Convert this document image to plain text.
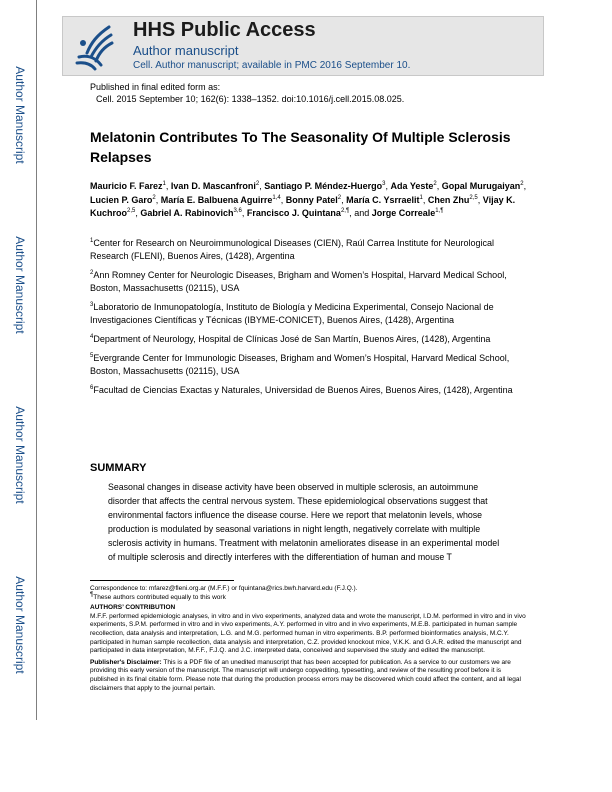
Author Manuscript
Author Manuscript
Author Manuscript
Author Manuscript
HHS Public Access
Author manuscript
Cell. Author manuscript; available in PMC 2016 September 10.
Published in final edited form as:
Cell. 2015 September 10; 162(6): 1338–1352. doi:10.1016/j.cell.2015.08.025.
Melatonin Contributes To The Seasonality Of Multiple Sclerosis Relapses
Mauricio F. Farez$^1$, Ivan D. Mascanfroni$^2$, Santiago P. Méndez-Huergo$^3$, Ada Yeste$^2$, Gopal Murugaiyan$^2$, Lucien P. Garo$^2$, María E. Balbuena Aguirre$^{1,4}$, Bonny Patel$^2$, María C. Ysrraelit$^1$, Chen Zhu$^{2,5}$, Vijay K. Kuchroo$^{2,5}$, Gabriel A. Rabinovich$^{3,6}$, Francisco J. Quintana$^{2,\P}$, and Jorge Correale$^{1,\P}$
$^1$Center for Research on Neuroimmunological Diseases (CIEN), Raúl Carrea Institute for Neurological Research (FLENI), Buenos Aires, (1428), Argentina
$^2$Ann Romney Center for Neurologic Diseases, Brigham and Women’s Hospital, Harvard Medical School, Boston, Massachusetts (02115), USA
$^3$Laboratorio de Inmunopatología, Instituto de Biología y Medicina Experimental, Consejo Nacional de Investigaciones Científicas y Técnicas (IBYME-CONICET), Buenos Aires, (1428), Argentina
$^4$Department of Neurology, Hospital de Clínicas José de San Martín, Buenos Aires, (1428), Argentina
$^5$Evergrande Center for Immunologic Diseases, Brigham and Women’s Hospital, Harvard Medical School, Boston, Massachusetts (02115), USA
$^6$Facultad de Ciencias Exactas y Naturales, Universidad de Buenos Aires, Buenos Aires, (1428), Argentina
SUMMARY
Seasonal changes in disease activity have been observed in multiple sclerosis, an autoimmune disorder that affects the central nervous system. These epidemiological observations suggest that environmental factors influence the disease course. Here we report that melatonin levels, whose production is modulated by seasonal variations in night length, negatively correlate with multiple sclerosis activity in humans. Treatment with melatonin ameliorates disease in an experimental model of multiple sclerosis and directly interferes with the differentiation of human and mouse T

Correspondence to: mfarez@fleni.org.ar (M.F.F.) or fquintana@rics.bwh.harvard.edu (F.J.Q.).

¶These authors contributed equally to this work

AUTHORS’ CONTRIBUTION

M.F.F. performed epidemiologic analyses, in vitro and in vivo experiments, analyzed data and wrote the manuscript, I.D.M. performed in vitro and in vivo experiments, S.P.M. performed in vitro and in vivo experiments, A.Y. performed in vitro and in vivo experiments, M.E.B. participated in human sample recollection, data analysis and interpretation, L.G. and M.G. performed human in vitro experiments. B.P. performed bioinformatics analysis, M.C.Y. participated in human sample recollection, data analysis and interpretation, C.Z. provided knockout mice, V.K.K. and G.A.R. edited the manuscript and participated in data interpretation, M.F.F., F.J.Q. and J.C. interpreted data, conceived and supervised the study and edited the manuscript.

Publisher's Disclaimer: This is a PDF file of an unedited manuscript that has been accepted for publication. As a service to our customers we are providing this early version of the manuscript. The manuscript will undergo copyediting, typesetting, and review of the resulting proof before it is published in its final citable form. Please note that during the production process errors may be discovered which could affect the content, and all legal disclaimers that apply to the journal pertain.
